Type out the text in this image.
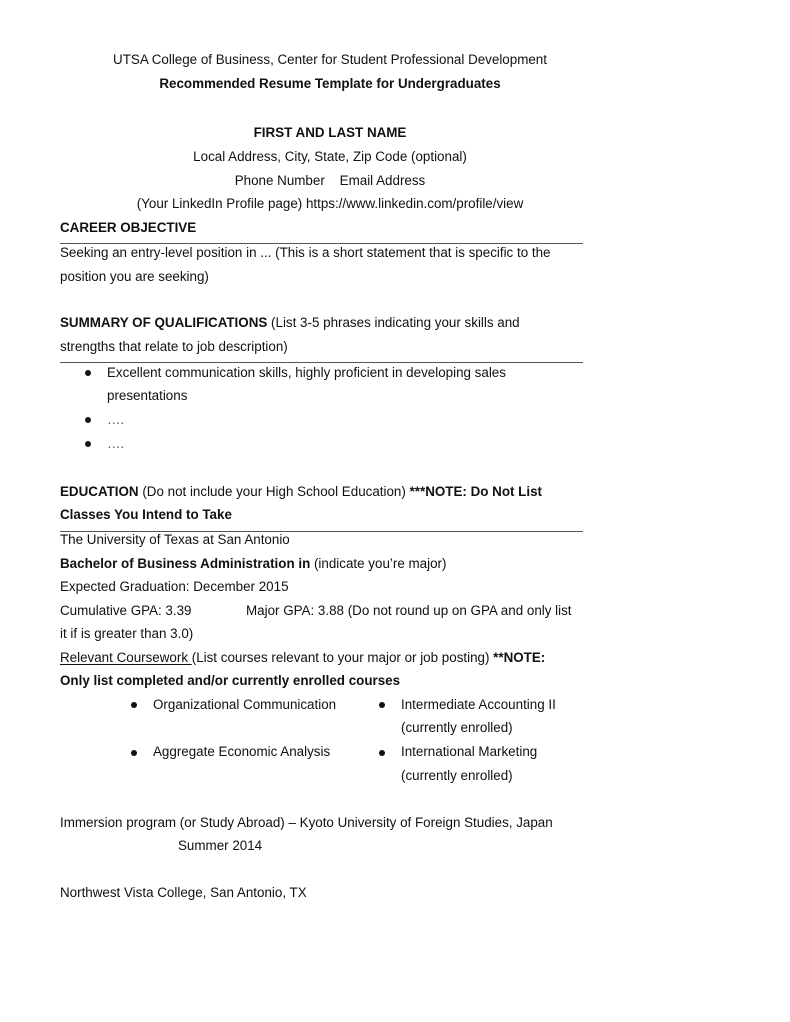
UTSA College of Business, Center for Student Professional Development
Recommended Resume Template for Undergraduates
FIRST AND LAST NAME
Local Address, City, State, Zip Code (optional)
Phone Number    Email Address
(Your LinkedIn Profile page) https://www.linkedin.com/profile/view
CAREER OBJECTIVE
Seeking an entry-level position in ... (This is a short statement that is specific to the
position you are seeking)
SUMMARY OF QUALIFICATIONS (List 3-5 phrases indicating your skills and
strengths that relate to job description)
Excellent communication skills, highly proficient in developing sales
presentations
….
….
EDUCATION (Do not include your High School Education) ***NOTE: Do Not List
Classes You Intend to Take
The University of Texas at San Antonio
Bachelor of Business Administration in (indicate you’re major)
Expected Graduation: December 2015
Cumulative GPA: 3.39	Major GPA: 3.88 (Do not round up on GPA and only list
it if is greater than 3.0)
Relevant Coursework (List courses relevant to your major or job posting) **NOTE:
Only list completed and/or currently enrolled courses
Organizational Communication	Intermediate Accounting II
(currently enrolled)
Aggregate Economic Analysis	International Marketing
(currently enrolled)
Immersion program (or Study Abroad) – Kyoto University of Foreign Studies, Japan
Summer 2014
Northwest Vista College, San Antonio, TX
